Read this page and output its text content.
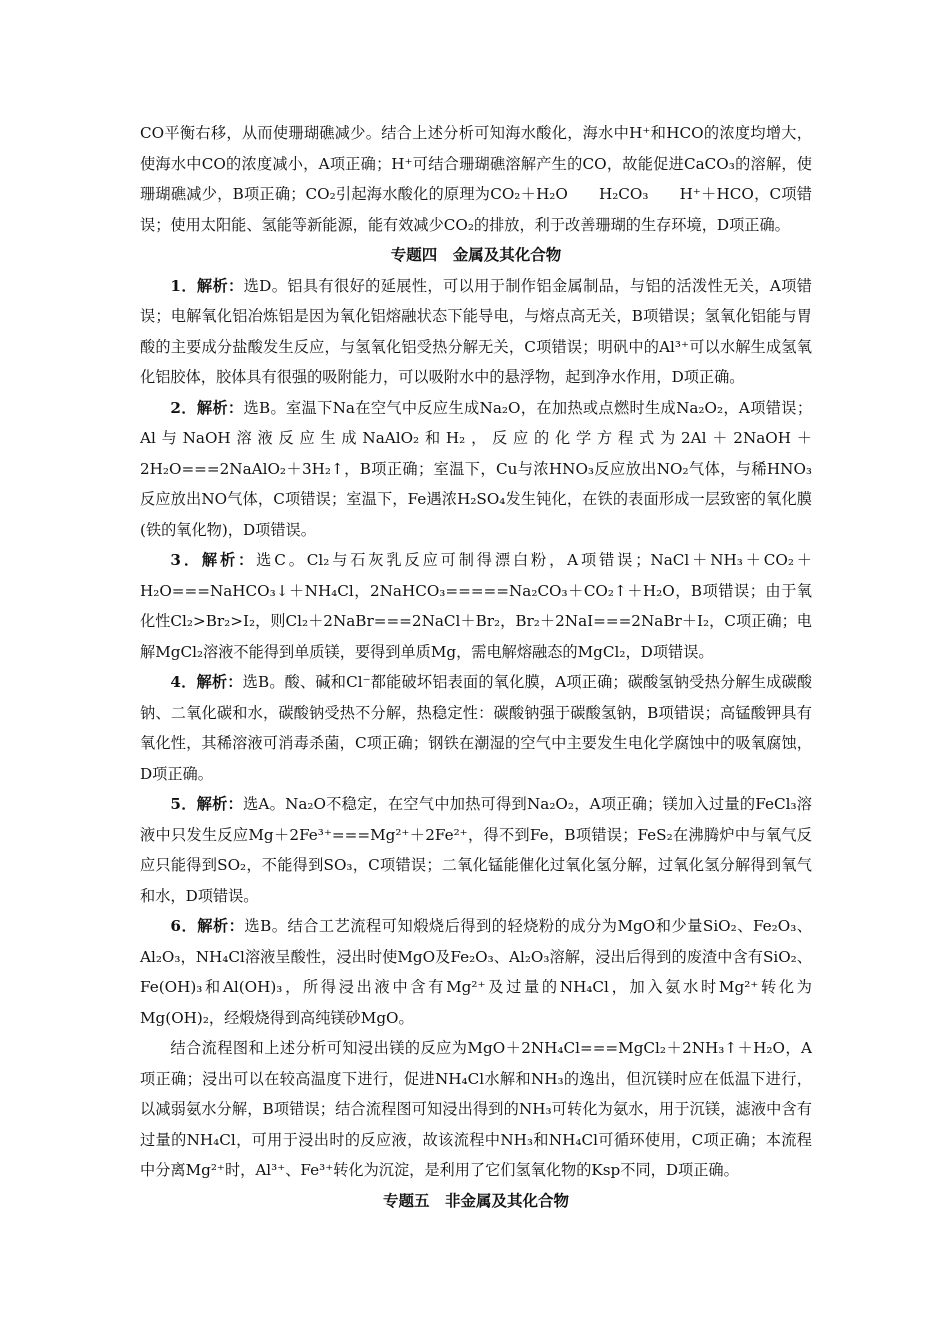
CO平衡右移，从而使珊瑚礁减少。结合上述分析可知海水酸化，海水中H⁺和HCO的浓度均增大，使海水中CO的浓度减小，A项正确；H⁺可结合珊瑚礁溶解产生的CO，故能促进CaCO₃的溶解，使珊瑚礁减少，B项正确；CO₂引起海水酸化的原理为CO₂＋H₂O　　H₂CO₃　　H⁺＋HCO，C项错误；使用太阳能、氢能等新能源，能有效减少CO₂的排放，利于改善珊瑚的生存环境，D项正确。

专题四　金属及其化合物

1．解析：选D。铝具有很好的延展性，可以用于制作铝金属制品，与铝的活泼性无关，A项错误；电解氧化铝冶炼铝是因为氧化铝熔融状态下能导电，与熔点高无关，B项错误；氢氧化铝能与胃酸的主要成分盐酸发生反应，与氢氧化铝受热分解无关，C项错误；明矾中的Al³⁺可以水解生成氢氧化铝胶体，胶体具有很强的吸附能力，可以吸附水中的悬浮物，起到净水作用，D项正确。

2．解析：选B。室温下Na在空气中反应生成Na₂O，在加热或点燃时生成Na₂O₂，A项错误；Al与NaOH溶液反应生成NaAlO₂和H₂，反应的化学方程式为2Al＋2NaOH＋2H₂O===2NaAlO₂＋3H₂↑，B项正确；室温下，Cu与浓HNO₃反应放出NO₂气体，与稀HNO₃反应放出NO气体，C项错误；室温下，Fe遇浓H₂SO₄发生钝化，在铁的表面形成一层致密的氧化膜(铁的氧化物)，D项错误。

3．解析：选C。Cl₂与石灰乳反应可制得漂白粉，A项错误；NaCl＋NH₃＋CO₂＋H₂O===NaHCO₃↓＋NH₄Cl，2NaHCO₃=====Na₂CO₃＋CO₂↑＋H₂O，B项错误；由于氧化性Cl₂>Br₂>I₂，则Cl₂＋2NaBr===2NaCl＋Br₂，Br₂＋2NaI===2NaBr＋I₂，C项正确；电解MgCl₂溶液不能得到单质镁，要得到单质Mg，需电解熔融态的MgCl₂，D项错误。

4．解析：选B。酸、碱和Cl⁻都能破坏铝表面的氧化膜，A项正确；碳酸氢钠受热分解生成碳酸钠、二氧化碳和水，碳酸钠受热不分解，热稳定性：碳酸钠强于碳酸氢钠，B项错误；高锰酸钾具有氧化性，其稀溶液可消毒杀菌，C项正确；钢铁在潮湿的空气中主要发生电化学腐蚀中的吸氧腐蚀，D项正确。

5．解析：选A。Na₂O不稳定，在空气中加热可得到Na₂O₂，A项正确；镁加入过量的FeCl₃溶液中只发生反应Mg＋2Fe³⁺===Mg²⁺＋2Fe²⁺，得不到Fe，B项错误；FeS₂在沸腾炉中与氧气反应只能得到SO₂，不能得到SO₃，C项错误；二氧化锰能催化过氧化氢分解，过氧化氢分解得到氧气和水，D项错误。

6．解析：选B。结合工艺流程可知煅烧后得到的轻烧粉的成分为MgO和少量SiO₂、Fe₂O₃、Al₂O₃，NH₄Cl溶液呈酸性，浸出时使MgO及Fe₂O₃、Al₂O₃溶解，浸出后得到的废渣中含有SiO₂、Fe(OH)₃和Al(OH)₃，所得浸出液中含有Mg²⁺及过量的NH₄Cl，加入氨水时Mg²⁺转化为Mg(OH)₂，经煅烧得到高纯镁砂MgO。

结合流程图和上述分析可知浸出镁的反应为MgO＋2NH₄Cl===MgCl₂＋2NH₃↑＋H₂O，A项正确；浸出可以在较高温度下进行，促进NH₄Cl水解和NH₃的逸出，但沉镁时应在低温下进行，以减弱氨水分解，B项错误；结合流程图可知浸出得到的NH₃可转化为氨水，用于沉镁，滤液中含有过量的NH₄Cl，可用于浸出时的反应液，故该流程中NH₃和NH₄Cl可循环使用，C项正确；本流程中分离Mg²⁺时，Al³⁺、Fe³⁺转化为沉淀，是利用了它们氢氧化物的Ksp不同，D项正确。

专题五　非金属及其化合物
